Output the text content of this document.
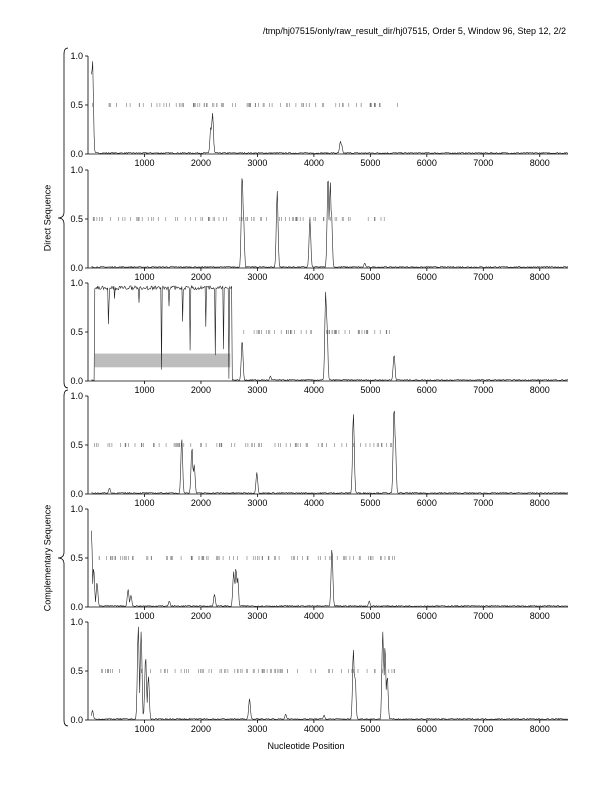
/tmp/hj07515/only/raw_result_dir/hj07515, Order 5, Window 96, Step 12, 2/2
0.0
0.5
1.0
1000	2000	3000	4000	5000	6000	7000	8000
0.0
0.5
1.0
1000	2000	3000	4000	5000	6000	7000	8000
0.0
0.5
1.0
1000	2000	3000	4000	5000	6000	7000	8000
0.0
0.5
1.0
1000	2000	3000	4000	5000	6000	7000	8000
0.0
0.5
1.0
1000	2000	3000	4000	5000	6000	7000	8000
0.0
0.5
1.0
1000	2000	3000	4000	5000	6000	7000	8000
Direct Sequence
Complementary Sequence
Nucleotide Position
